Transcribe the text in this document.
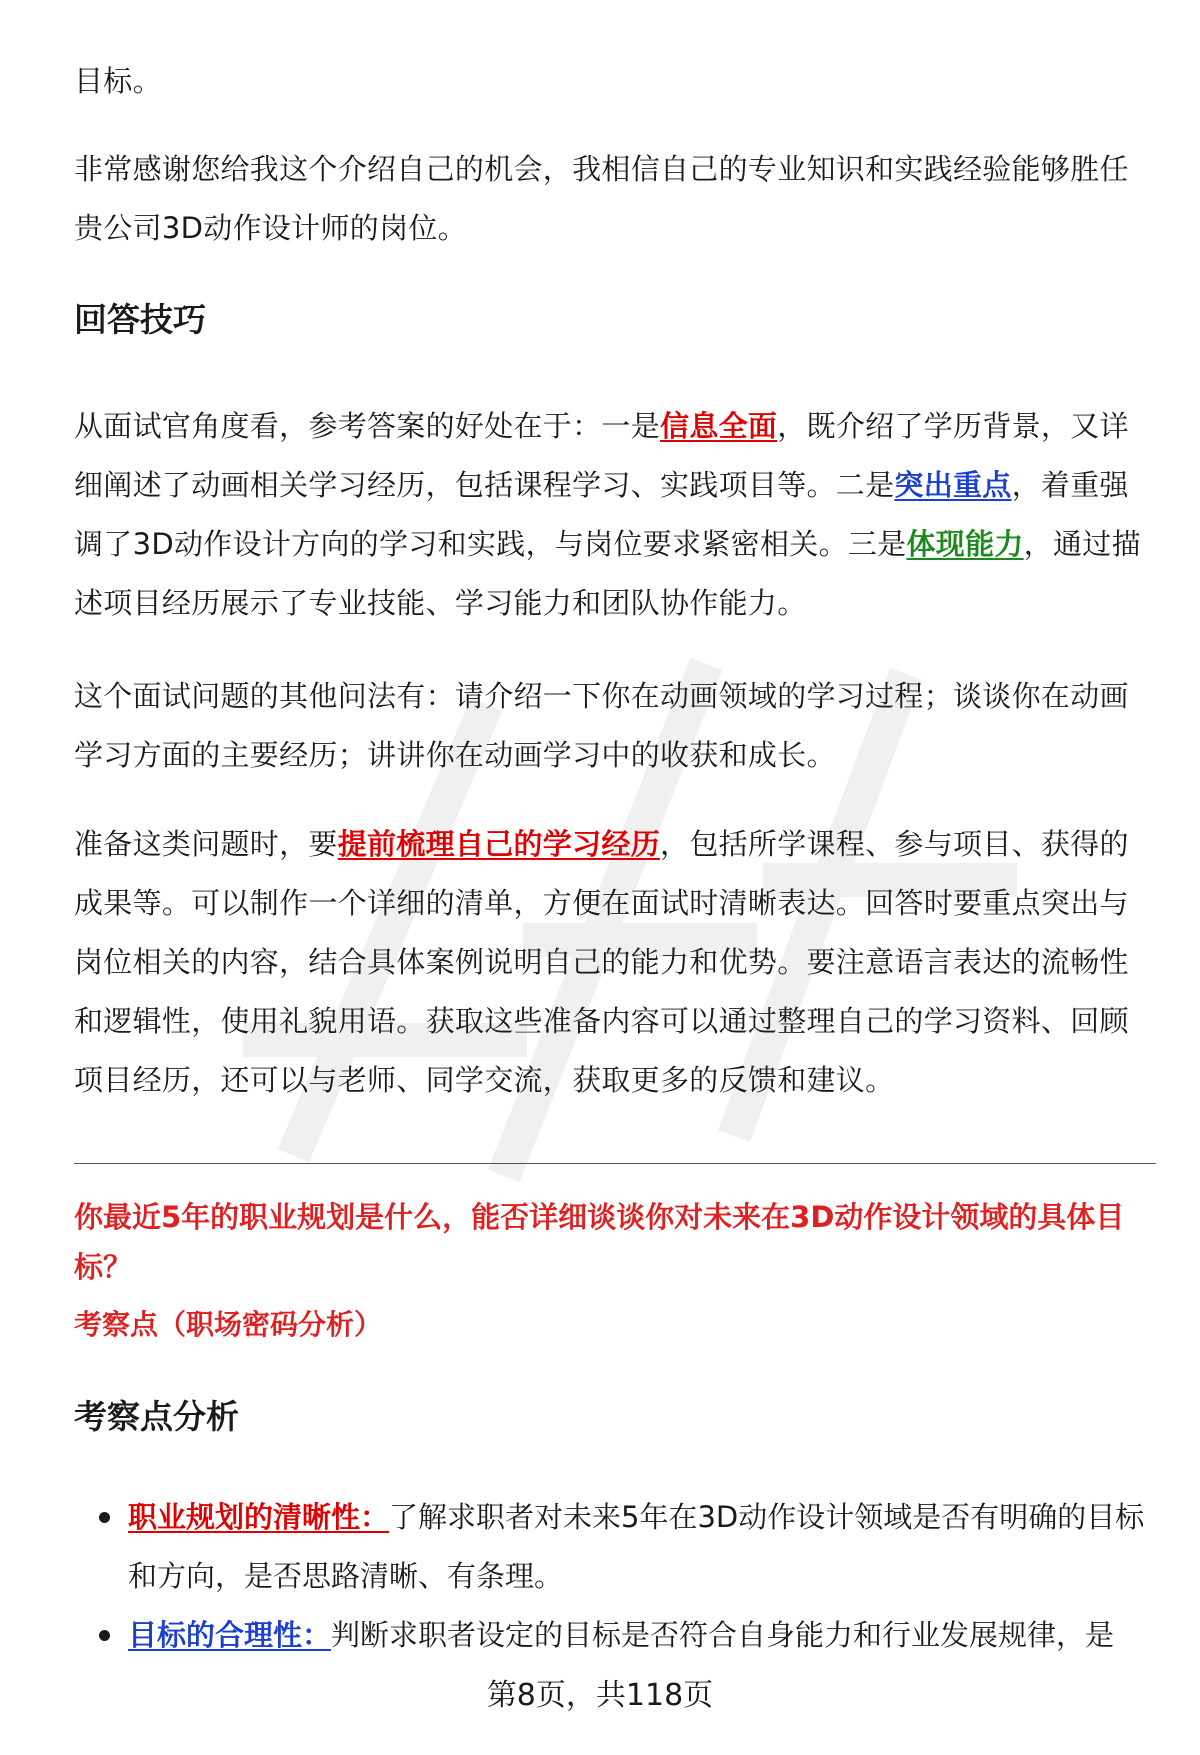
目标。

非常感谢您给我这个介绍自己的机会，我相信自己的专业知识和实践经验能够胜任贵公司3D动作设计师的岗位。

回答技巧

从面试官角度看，参考答案的好处在于：一是信息全面，既介绍了学历背景，又详细阐述了动画相关学习经历，包括课程学习、实践项目等。二是突出重点，着重强调了3D动作设计方向的学习和实践，与岗位要求紧密相关。三是体现能力，通过描述项目经历展示了专业技能、学习能力和团队协作能力。

这个面试问题的其他问法有：请介绍一下你在动画领域的学习过程；谈谈你在动画学习方面的主要经历；讲讲你在动画学习中的收获和成长。

准备这类问题时，要提前梳理自己的学习经历，包括所学课程、参与项目、获得的成果等。可以制作一个详细的清单，方便在面试时清晰表达。回答时要重点突出与岗位相关的内容，结合具体案例说明自己的能力和优势。要注意语言表达的流畅性和逻辑性，使用礼貌用语。获取这些准备内容可以通过整理自己的学习资料、回顾项目经历，还可以与老师、同学交流，获取更多的反馈和建议。

你最近5年的职业规划是什么，能否详细谈谈你对未来在3D动作设计领域的具体目标？

考察点（职场密码分析）

考察点分析
职业规划的清晰性：了解求职者对未来5年在3D动作设计领域是否有明确的目标和方向，是否思路清晰、有条理。
目标的合理性：判断求职者设定的目标是否符合自身能力和行业发展规律，是
第8页，共118页
